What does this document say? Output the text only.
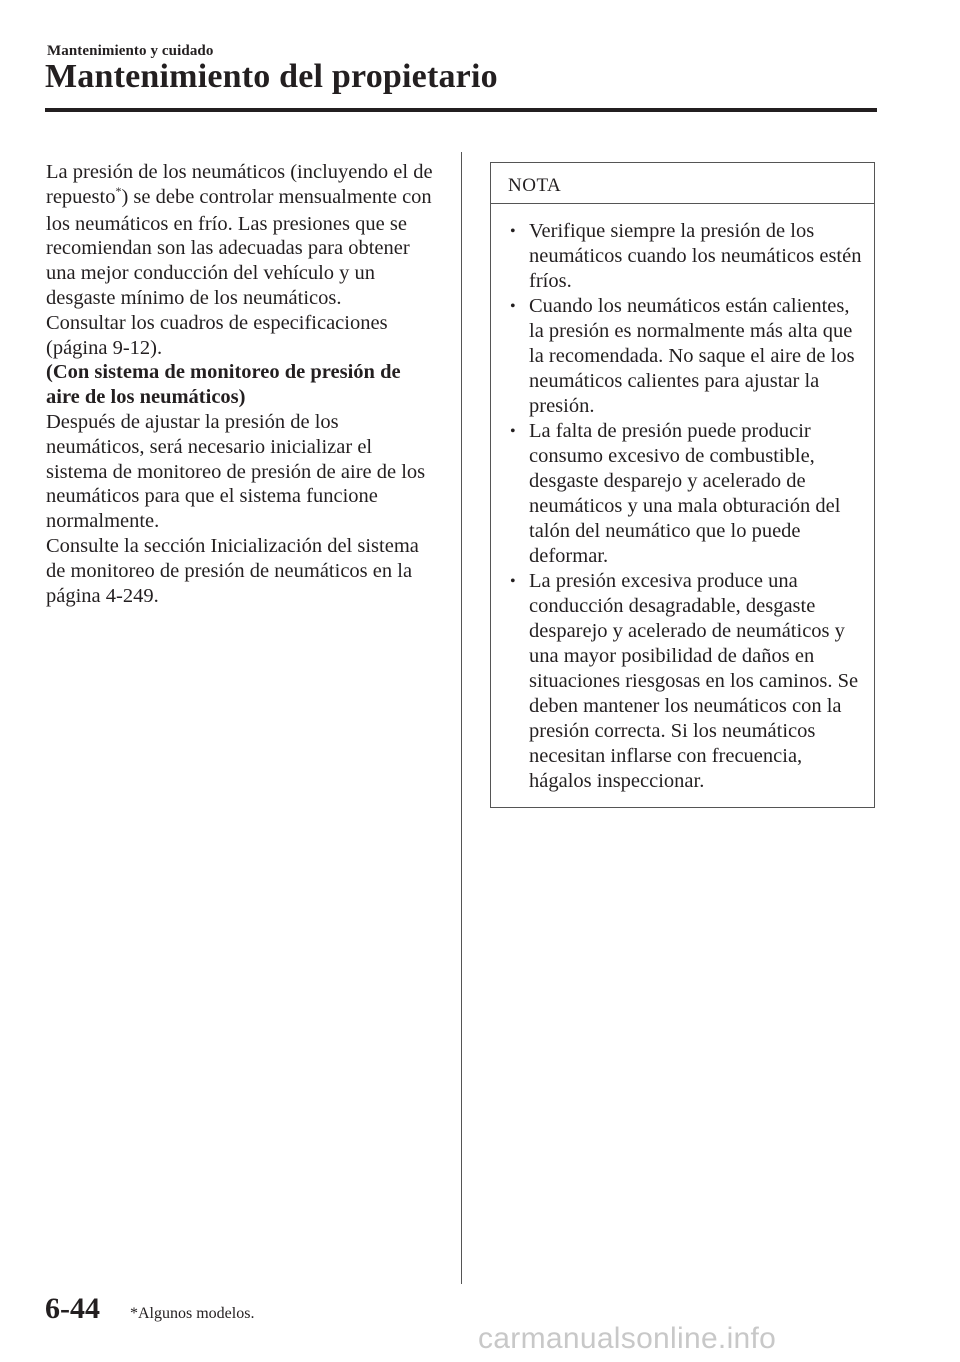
Mantenimiento y cuidado
Mantenimiento del propietario

La presión de los neumáticos (incluyendo el de repuesto*) se debe controlar mensualmente con los neumáticos en frío. Las presiones que se recomiendan son las adecuadas para obtener una mejor conducción del vehículo y un desgaste mínimo de los neumáticos.

Consultar los cuadros de especificaciones (página 9-12).

(Con sistema de monitoreo de presión de aire de los neumáticos)

Después de ajustar la presión de los neumáticos, será necesario inicializar el sistema de monitoreo de presión de aire de los neumáticos para que el sistema funcione normalmente.

Consulte la sección Inicialización del sistema de monitoreo de presión de neumáticos en la página 4-249.

NOTA
• Verifique siempre la presión de los neumáticos cuando los neumáticos estén fríos.
• Cuando los neumáticos están calientes, la presión es normalmente más alta que la recomendada. No saque el aire de los neumáticos calientes para ajustar la presión.
• La falta de presión puede producir consumo excesivo de combustible, desgaste desparejo y acelerado de neumáticos y una mala obturación del talón del neumático que lo puede deformar.
• La presión excesiva produce una conducción desagradable, desgaste desparejo y acelerado de neumáticos y una mayor posibilidad de daños en situaciones riesgosas en los caminos. Se deben mantener los neumáticos con la presión correcta. Si los neumáticos necesitan inflarse con frecuencia, hágalos inspeccionar.
6-44 *Algunos modelos.
carmanualsonline.info
